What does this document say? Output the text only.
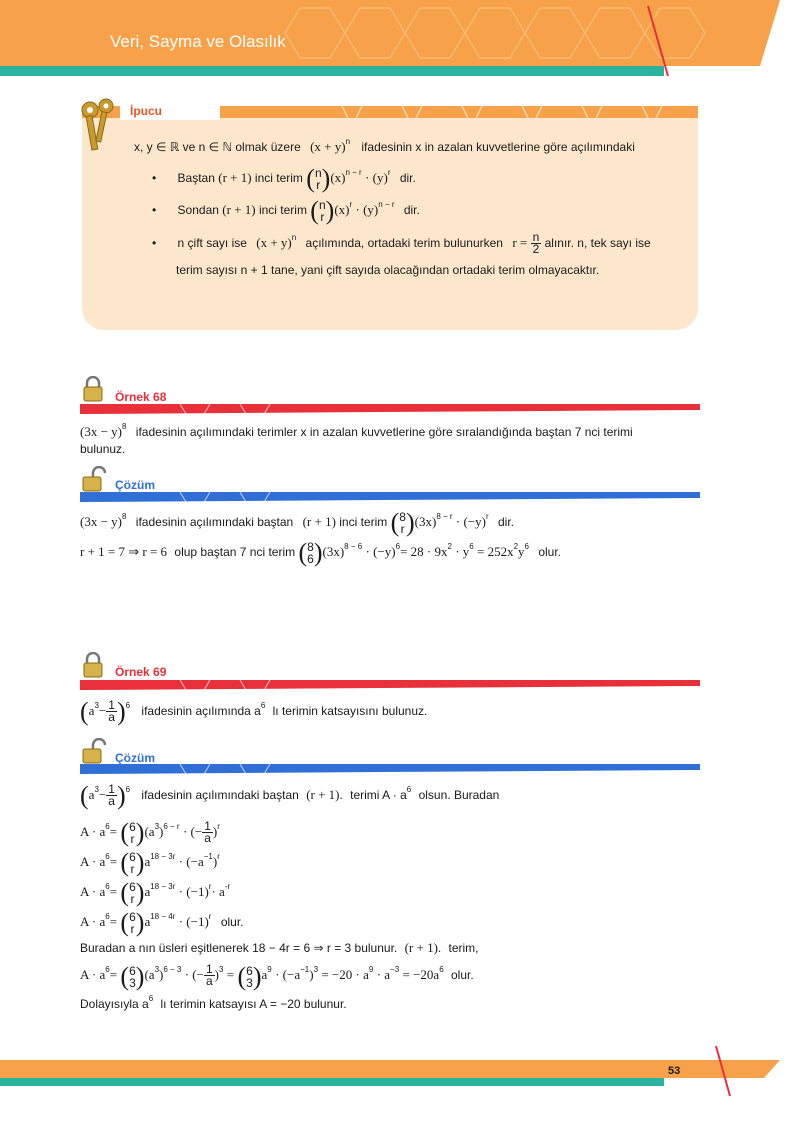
Veri, Sayma ve Olasılık
İpucu
x, y ∈ ℝ ve n ∈ ℕ olmak üzere $(x + y)^n$ ifadesinin x in azalan kuvvetlerine göre açılımındaki
• Baştan (r + 1) inci terim ( n
r )$(x)^{n - r} \cdot (y)^r$ dir.
• Sondan (r + 1) inci terim ( n
r )$(x)^r \cdot (y)^{n - r}$ dir.
• n çift sayı ise $(x + y)^n$ açılımında, ortadaki terim bulunurken $r = \frac{n}{2}$ alınır. n, tek sayı ise
terim sayısı n + 1 tane, yani çift sayıda olacağından ortadaki terim olmayacaktır.
Örnek 68
$(3x - y)^8$ ifadesinin açılımındaki terimler x in azalan kuvvetlerine göre sıralandığında baştan 7 nci terimi
bulunuz.
Çözüm
$(3x - y)^8$ ifadesinin açılımındaki baştan (r + 1) inci terim ( 8
r )$(3x)^{8 - r} \cdot (-y)^r$ dir.
r + 1 = 7 ⇒ r = 6 olup baştan 7 nci terim ( 8
6 )$(3x)^{8 - 6} \cdot (-y)^6= 28 \cdot 9x^2 \cdot y^6 = 252x^2y^6$ olur.
Örnek 69
$(a^3- \frac{1}{a} )^6$ ifadesinin açılımında $a^6$ lı terimin katsayısını bulunuz.
Çözüm
$(a^3- \frac{1}{a} )^6$ ifadesinin açılımındaki baştan (r + 1). terimi $A \cdot a^6$ olsun. Buradan
$A \cdot a^6=$ ( 6
r )$(a^3)^{6 - r}$ · (− $\frac{1}{a} )^r$
$A \cdot a^6=$ ( 6
r )$a^{18 - 3r} \cdot (-a^{-1})^r$
$A \cdot a^6=$ ( 6
r )$a^{18 - 3r} \cdot (-1)^r\cdot a^{-r}$
$A \cdot a^6=$ ( 6
r )$a^{18 - 4r} \cdot (-1)^r$ olur.
Buradan a nın üsleri eşitlenerek 18 − 4r = 6 ⇒ r = 3 bulunur. (r + 1). terim,
$A \cdot a^6=$ ( 6
3 )$(a^3)^{6 - 3}$ · (− $\frac{1}{a} )^3$ = ( 6
3 )$a^9 \cdot (-a^{-1})^3 = -20 \cdot a^9 \cdot a^{-3} = -20a^6$ olur.
Dolayısıyla $a^6$ lı terimin katsayısı A = −20 bulunur.
53
